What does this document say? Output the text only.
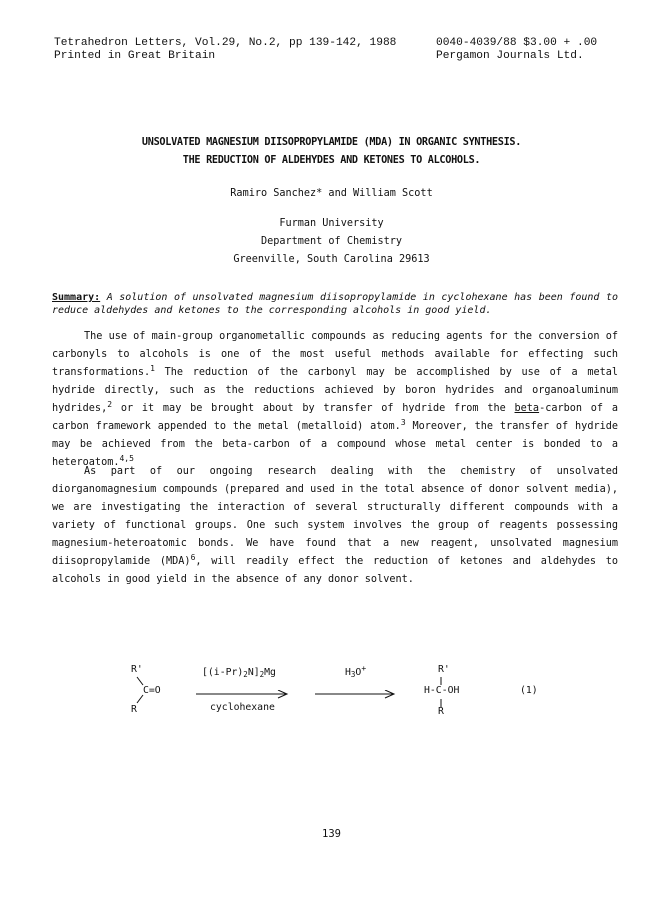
Tetrahedron Letters, Vol.29, No.2, pp 139-142, 1988
Printed in Great Britain
0040-4039/88 $3.00 + .00
Pergamon Journals Ltd.
UNSOLVATED MAGNESIUM DIISOPROPYLAMIDE (MDA) IN ORGANIC SYNTHESIS.
THE REDUCTION OF ALDEHYDES AND KETONES TO ALCOHOLS.
Ramiro Sanchez* and William Scott
Furman University
Department of Chemistry
Greenville, South Carolina 29613
Summary: A solution of unsolvated magnesium diisopropylamide in cyclohexane has been found to reduce aldehydes and ketones to the corresponding alcohols in good yield.

The use of main-group organometallic compounds as reducing agents for the conversion of carbonyls to alcohols is one of the most useful methods available for effecting such transformations.$^1$ The reduction of the carbonyl may be accomplished by use of a metal hydride directly, such as the reductions achieved by boron hydrides and organoaluminum hydrides,$^2$ or it may be brought about by transfer of hydride from the beta-carbon of a carbon framework appended to the metal (metalloid) atom.$^3$ Moreover, the transfer of hydride may be achieved from the beta-carbon of a compound whose metal center is bonded to a heteroatom.$^{4,5}$

As part of our ongoing research dealing with the chemistry of unsolvated diorganomagnesium compounds (prepared and used in the total absence of donor solvent media), we are investigating the interaction of several structurally different compounds with a variety of functional groups. One such system involves the group of reagents possessing magnesium-heteroatomic bonds. We have found that a new reagent, unsolvated magnesium diisopropylamide (MDA)$^6$, will readily effect the reduction of ketones and aldehydes to alcohols in good yield in the absence of any donor solvent.

R'
C=O
R
$[(i-Pr)_2N]_2Mg$
cyclohexane
$H_3O^+$	R'
H-C-OH
R
(1)
139
